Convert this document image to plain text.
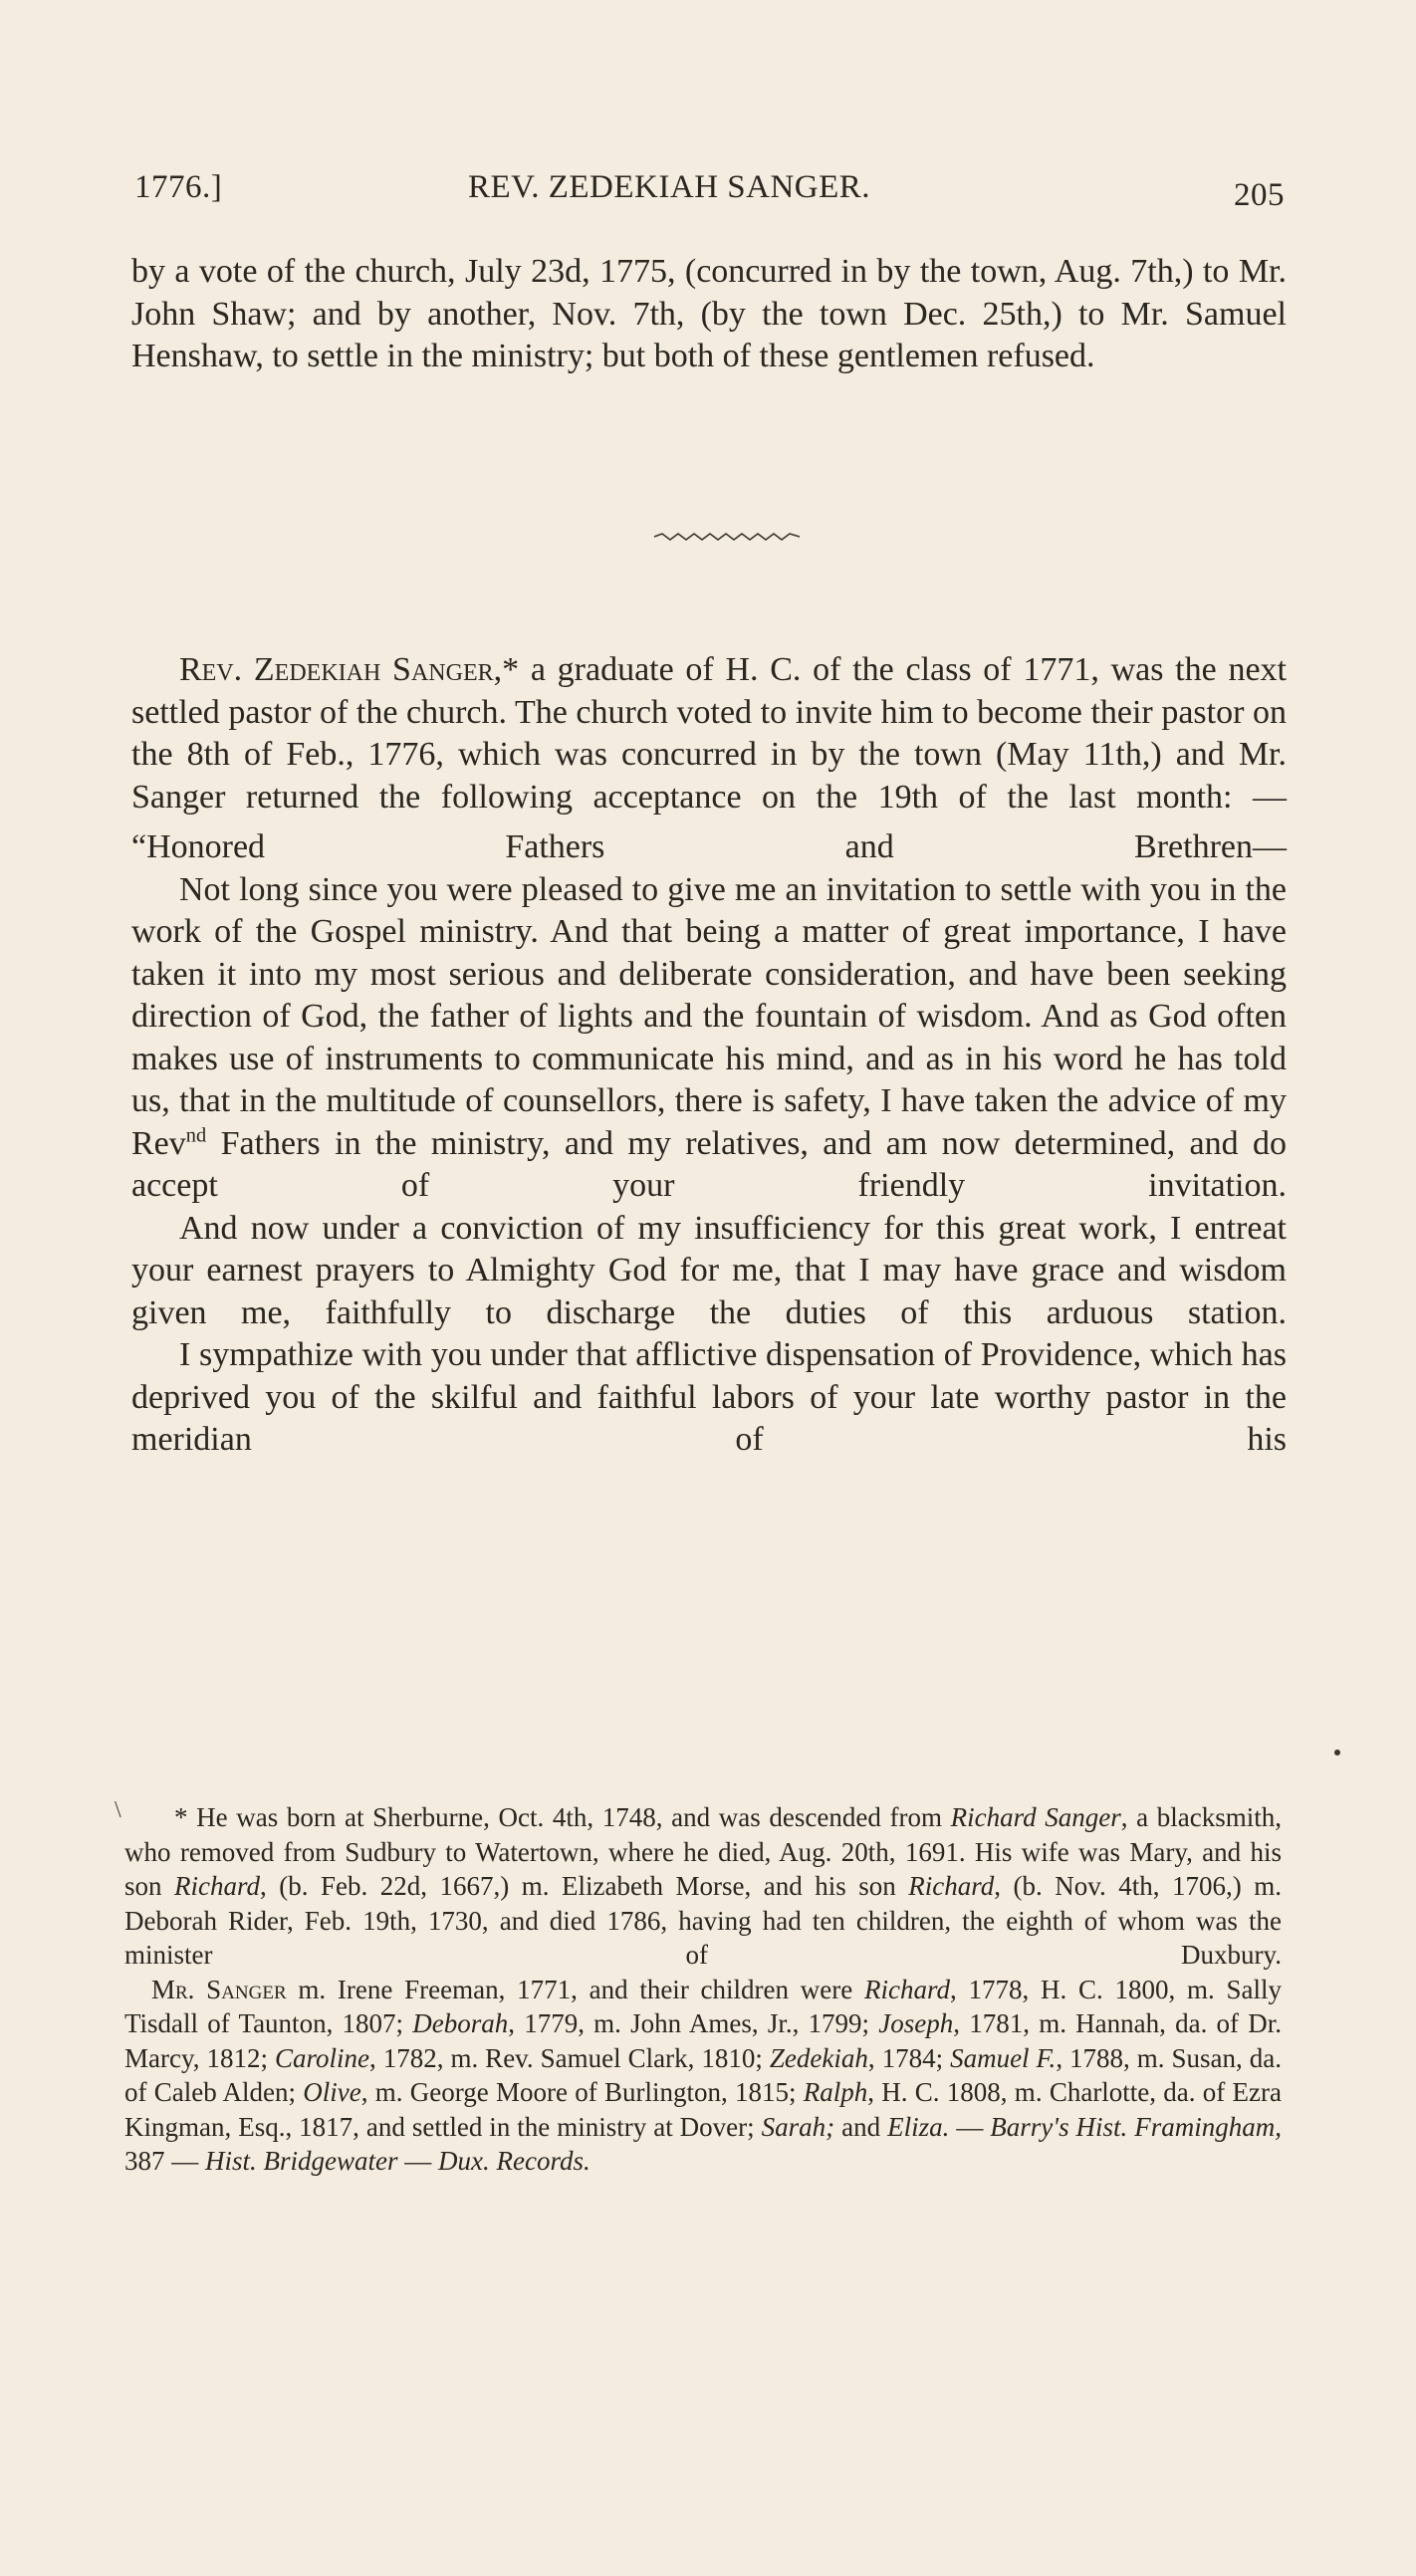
1776.]	REV. ZEDEKIAH SANGER.	205

by a vote of the church, July 23d, 1775, (concurred in by the town, Aug. 7th,) to Mr. John Shaw; and by another, Nov. 7th, (by the town Dec. 25th,) to Mr. Samuel Henshaw, to settle in the ministry; but both of these gentlemen refused.

Rev. Zedekiah Sanger,* a graduate of H. C. of the class of 1771, was the next settled pastor of the church. The church voted to invite him to become their pastor on the 8th of Feb., 1776, which was concurred in by the town (May 11th,) and Mr. Sanger returned the following acceptance on the 19th of the last month: —

“Honored Fathers and Brethren—

Not long since you were pleased to give me an invitation to settle with you in the work of the Gospel ministry. And that being a matter of great importance, I have taken it into my most serious and deliberate consideration, and have been seeking direction of God, the father of lights and the fountain of wisdom. And as God often makes use of instruments to communicate his mind, and as in his word he has told us, that in the multitude of counsellors, there is safety, I have taken the advice of my Rev$^{nd}$ Fathers in the ministry, and my relatives, and am now determined, and do accept of your friendly invitation.

And now under a conviction of my insufficiency for this great work, I entreat your earnest prayers to Almighty God for me, that I may have grace and wisdom given me, faithfully to discharge the duties of this arduous station.

I sympathize with you under that afflictive dispensation of Providence, which has deprived you of the skilful and faithful labors of your late worthy pastor in the meridian of his

\	* He was born at Sherburne, Oct. 4th, 1748, and was descended from Richard Sanger, a blacksmith, who removed from Sudbury to Watertown, where he died, Aug. 20th, 1691. His wife was Mary, and his son Richard, (b. Feb. 22d, 1667,) m. Elizabeth Morse, and his son Richard, (b. Nov. 4th, 1706,) m. Deborah Rider, Feb. 19th, 1730, and died 1786, having had ten children, the eighth of whom was the minister of Duxbury.

Mr. Sanger m. Irene Freeman, 1771, and their children were Richard, 1778, H. C. 1800, m. Sally Tisdall of Taunton, 1807; Deborah, 1779, m. John Ames, Jr., 1799; Joseph, 1781, m. Hannah, da. of Dr. Marcy, 1812; Caroline, 1782, m. Rev. Samuel Clark, 1810; Zedekiah, 1784; Samuel F., 1788, m. Susan, da. of Caleb Alden; Olive, m. George Moore of Burlington, 1815; Ralph, H. C. 1808, m. Charlotte, da. of Ezra Kingman, Esq., 1817, and settled in the ministry at Dover; Sarah; and Eliza. — Barry's Hist. Framingham, 387 — Hist. Bridgewater — Dux. Records.
